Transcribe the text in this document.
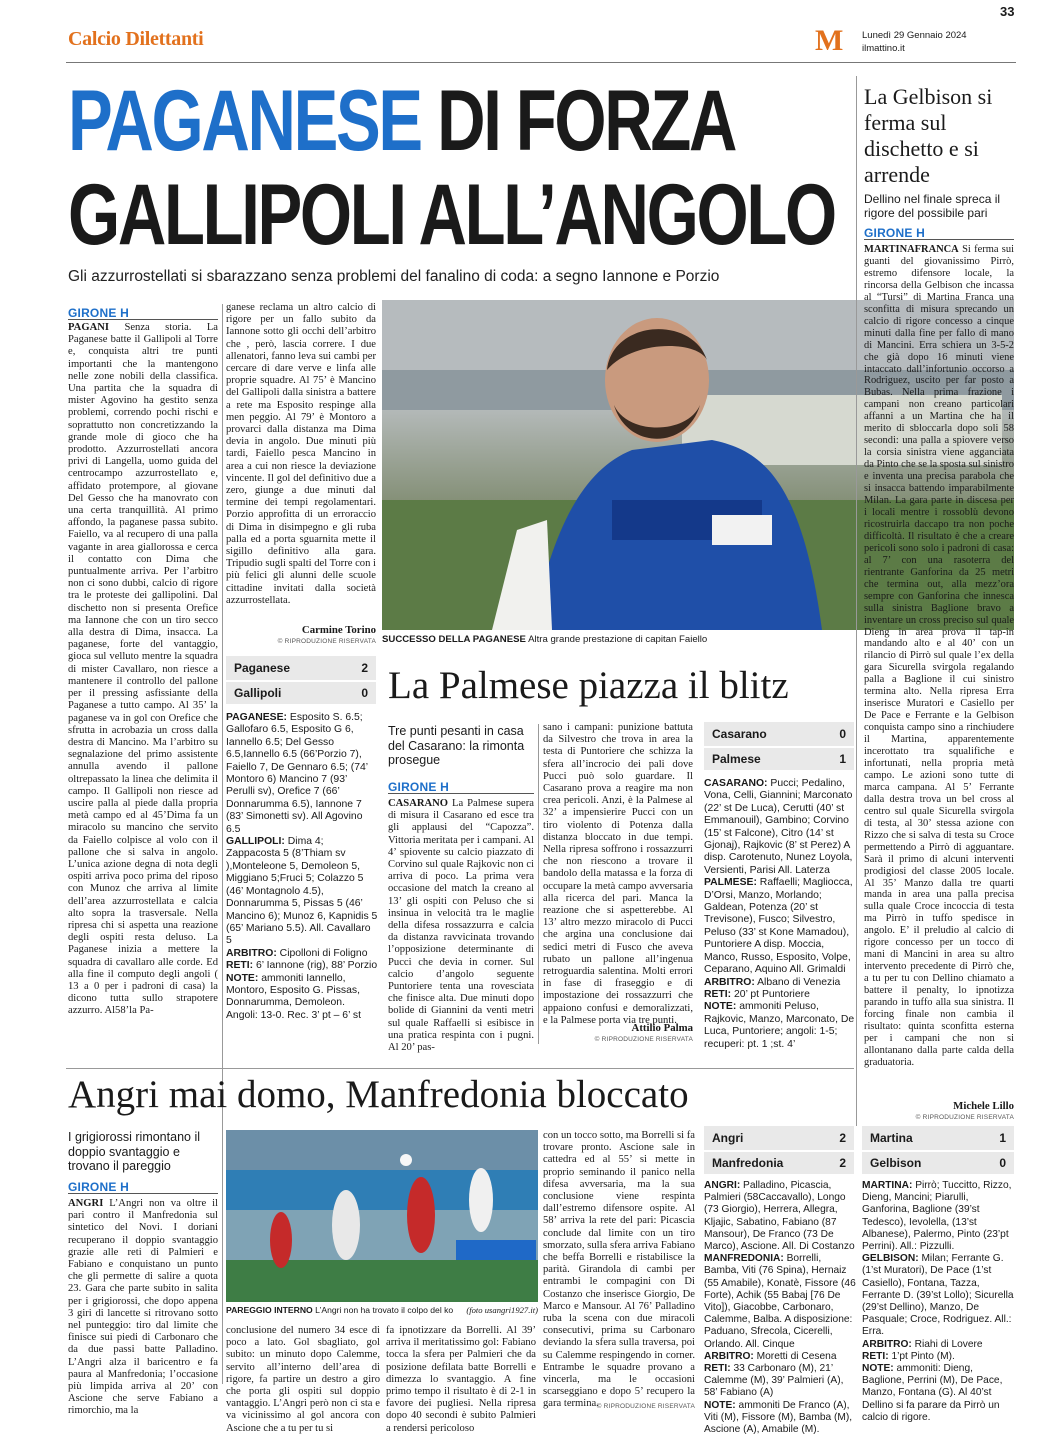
33
Calcio Dilettanti	M Lunedì 29 Gennaio 2024
ilmattino.it
PAGANESE DI FORZA
GALLIPOLI ALL’ANGOLO
Gli azzurrostellati si sbarazzano senza problemi del fanalino di coda: a segno Iannone e Porzio
GIRONE H
PAGANI Senza storia. La Paganese batte il Gallipoli al Torre e, conquista altri tre punti importanti che la mantengono nelle zone nobili della classifica. Una partita che la squadra di mister Agovino ha gestito senza problemi, correndo pochi rischi e soprattutto non concretizzando la grande mole di gioco che ha prodotto. Azzurrostellati ancora privi di Langella, uomo guida del centrocampo azzurrostellato e, affidato protempore, al giovane Del Gesso che ha manovrato con una certa tranquillità. Al primo affondo, la paganese passa subito. Faiello, va al recupero di una palla vagante in area giallorossa e cerca il contatto con Dima che puntualmente arriva. Per l’arbitro non ci sono dubbi, calcio di rigore tra le proteste dei gallipolini. Dal dischetto non si presenta Orefice ma Iannone che con un tiro secco alla destra di Dima, insacca. La paganese, forte del vantaggio, gioca sul velluto mentre la squadra di mister Cavallaro, non riesce a mantenere il controllo del pallone per il pressing asfissiante della Paganese a tutto campo. Al 35’ la paganese va in gol con Orefice che sfrutta in acrobazia un cross dalla destra di Mancino. Ma l’arbitro su segnalazione del primo assistente annulla avendo il pallone oltrepassato la linea che delimita il campo. Il Gallipoli non riesce ad uscire palla al piede dalla propria metà campo ed al 45’Dima fa un miracolo su mancino che servito da Faiello colpisce al volo con il pallone che si salva in angolo. L’unica azione degna di nota degli ospiti arriva poco prima del riposo con Munoz che arriva al limite dell’area azzurrostellata e calcia alto sopra la trasversale. Nella ripresa chi si aspetta una reazione degli ospiti resta deluso. La Paganese inizia a mettere la squadra di cavallaro alle corde. Ed alla fine il computo degli angoli ( 13 a 0 per i padroni di casa) la dicono tutta sullo strapotere azzurro. Al58’la Pa-
ganese reclama un altro calcio di rigore per un fallo subito da Iannone sotto gli occhi dell’arbitro che , però, lascia correre. I due allenatori, fanno leva sui cambi per cercare di dare verve e linfa alle proprie squadre. Al 75’ è Mancino del Gallipoli dalla sinistra a battere a rete ma Esposito respinge alla men peggio. Al 79’ è Montoro a provarci dalla distanza ma Dima devia in angolo. Due minuti più tardi, Faiello pesca Mancino in area a cui non riesce la deviazione vincente. Il gol del definitivo due a zero, giunge a due minuti dal termine dei tempi regolamentari. Porzio approfitta di un erroraccio di Dima in disimpegno e gli ruba palla ed a porta sguarnita mette il sigillo definitivo alla gara. Tripudio sugli spalti del Torre con i più felici gli alunni delle scuole cittadine invitati dalla società azzurrostellata.
Carmine Torino
© RIPRODUZIONE RISERVATA SUCCESSO DELLA PAGANESE Altra grande prestazione di capitan Faiello
Paganese	2
Gallipoli	0
PAGANESE: Esposito S. 6.5; Gallofaro 6.5, Esposito G 6, Iannello 6.5; Del Gesso 6.5,Iannello 6.5 (66’Porzio 7), Faiello 7, De Gennaro 6.5; (74’ Montoro 6) Mancino 7 (93’ Perulli sv), Orefice 7 (66’ Donnarumma 6.5), Iannone 7 (83’ Simonetti sv). All Agovino 6.5
GALLIPOLI: Dima 4; Zappacosta 5 (8’Thiam sv ),Monteleone 5, Demoleon 5, Miggiano 5;Fruci 5; Colazzo 5 (46’ Montagnolo 4.5), Donnarumma 5, Pissas 5 (46’ Mancino 6); Munoz 6, Kapnidis 5 (65’ Mariano 5.5). All. Cavallaro 5
ARBITRO: Cipolloni di Foligno
RETI: 6’ Iannone (rig), 88’ Porzio
NOTE: ammoniti Iannello, Montoro, Esposito G. Pissas, Donnarumma, Demoleon. Angoli: 13-0. Rec. 3’ pt – 6’ st
La Palmese piazza il blitz
Tre punti pesanti in casa del Casarano: la rimonta prosegue
GIRONE H
CASARANO La Palmese supera di misura il Casarano ed esce tra gli applausi del “Capozza”. Vittoria meritata per i campani. Al 4’ spiovente su calcio piazzato di Corvino sul quale Rajkovic non ci arriva di poco. La prima vera occasione del match la creano al 13’ gli ospiti con Peluso che si insinua in velocità tra le maglie della difesa rossazzurra e calcia da distanza ravvicinata trovando l’opposizione determinante di Pucci che devia in corner. Sul calcio d’angolo seguente Puntoriere tenta una rovesciata che finisce alta. Due minuti dopo bolide di Giannini da venti metri sul quale Raffaelli si esibisce in una pratica respinta con i pugni. Al 20’ pas-
sano i campani: punizione battuta da Silvestro che trova in area la testa di Puntoriere che schizza la sfera all’incrocio dei pali dove Pucci può solo guardare. Il Casarano prova a reagire ma non crea pericoli. Anzi, è la Palmese al 32’ a impensierire Pucci con un tiro violento di Potenza dalla distanza bloccato in due tempi. Nella ripresa soffrono i rossazzurri che non riescono a trovare il bandolo della matassa e la forza di occupare la metà campo avversaria alla ricerca del pari. Manca la reazione che si aspetterebbe. Al 13’ altro mezzo miracolo di Pucci che argina una conclusione dai sedici metri di Fusco che aveva rubato un pallone all’ingenua retroguardia salentina. Molti errori in fase di fraseggio e di impostazione dei rossazzurri che appaiono confusi e demoralizzati, e la Palmese porta via tre punti.
Attilio Palma
© RIPRODUZIONE RISERVATA
Casarano	0
Palmese	1
CASARANO: Pucci; Pedalino, Vona, Celli, Giannini; Marconato (22’ st De Luca), Cerutti (40’ st Emmanouil), Gambino; Corvino (15’ st Falcone), Citro (14’ st Gjonaj), Rajkovic (8’ st Perez) A disp. Carotenuto, Nunez Loyola, Versienti, Parisi All. Laterza
PALMESE: Raffaelli; Magliocca, D’Orsi, Manzo, Morlando; Galdean, Potenza (20’ st Trevisone), Fusco; Silvestro, Peluso (33’ st Kone Mamadou), Puntoriere A disp. Moccia, Manco, Russo, Esposito, Volpe, Ceparano, Aquino All. Grimaldi
ARBITRO: Albano di Venezia
RETI: 20’ pt Puntoriere
NOTE: ammoniti Peluso, Rajkovic, Manzo, Marconato, De Luca, Puntoriere; angoli: 1-5; recuperi: pt. 1 ;st. 4’
La Gelbison si ferma sul dischetto e si arrende
Dellino nel finale spreca il rigore del possibile pari
GIRONE H
MARTINAFRANCA Si ferma sui guanti del giovanissimo Pirrò, estremo difensore locale, la rincorsa della Gelbison che incassa al “Tursi” di Martina Franca una sconfitta di misura sprecando un calcio di rigore concesso a cinque minuti dalla fine per fallo di mano di Mancini. Erra schiera un 3-5-2 che già dopo 16 minuti viene intaccato dall’infortunio occorso a Rodriguez, uscito per far posto a Bubas. Nella prima frazione i campani non creano particolari affanni a un Martina che ha il merito di sbloccarla dopo soli 58 secondi: una palla a spiovere verso la corsia sinistra viene agganciata da Pinto che se la sposta sul sinistro e inventa una precisa parabola che si insacca battendo imparabilmente Milan. La gara parte in discesa per i locali mentre i rossoblù devono ricostruirla daccapo tra non poche difficoltà. Il risultato è che a creare pericoli sono solo i padroni di casa: al 7’ con una rasoterra del rientrante Ganforina da 25 metri che termina out, alla mezz’ora sempre con Ganforina che innesca sulla sinistra Baglione bravo a inventare un cross preciso sul quale Dieng in area prova il tap-in mandando alto e al 40’ con un rilancio di Pirrò sul quale l’ex della gara Sicurella svirgola regalando palla a Baglione il cui sinistro termina alto. Nella ripresa Erra inserisce Muratori e Casiello per De Pace e Ferrante e la Gelbison conquista campo sino a rinchiudere il Martina, apparentemente incerottato tra squalifiche e infortunati, nella propria metà campo. Le azioni sono tutte di marca campana. Al 5’ Ferrante dalla destra trova un bel cross al centro sul quale Sicurella svirgola di testa, al 30’ stessa azione con Rizzo che si salva di testa su Croce permettendo a Pirrò di agguantare. Sarà il primo di alcuni interventi prodigiosi del classe 2005 locale. Al 35’ Manzo dalla tre quarti manda in area una palla precisa sulla quale Croce incoccia di testa ma Pirrò in tuffo spedisce in angolo. E’ il preludio al calcio di rigore concesso per un tocco di mani di Mancini in area su altro intervento precedente di Pirrò che, a tu per tu con Dellino chiamato a battere il penalty, lo ipnotizza parando in tuffo alla sua sinistra. Il forcing finale non cambia il risultato: quinta sconfitta esterna per i campani che non si allontanano dalla parte calda della graduatoria.
Michele Lillo
© RIPRODUZIONE RISERVATA
Angri mai domo, Manfredonia bloccato
I grigiorossi rimontano il doppio svantaggio e trovano il pareggio
GIRONE H
ANGRI L’Angri non va oltre il pari contro il Manfredonia sul sintetico del Novi. I doriani recuperano il doppio svantaggio grazie alle reti di Palmieri e Fabiano e conquistano un punto che gli permette di salire a quota 23. Gara che parte subito in salita per i grigiorossi, che dopo appena 3 giri di lancette si ritrovano sotto nel punteggio: tiro dal limite che finisce sui piedi di Carbonaro che da due passi batte Palladino. L’Angri alza il baricentro e fa paura al Manfredonia; l’occasione più limpida arriva al 20’ con Ascione che serve Fabiano a rimorchio, ma la
PAREGGIO INTERNO L’Angri non ha trovato il colpo del ko (foto usangri1927.it)
conclusione del numero 34 esce di poco a lato. Gol sbagliato, gol subito: un minuto dopo Calemme, servito all’interno dell’area di rigore, fa partire un destro a giro che porta gli ospiti sul doppio vantaggio. L’Angri però non ci sta e va vicinissimo al gol ancora con Ascione che a tu per tu si
fa ipnotizzare da Borrelli. Al 39’ arriva il meritatissimo gol: Fabiano tocca la sfera per Palmieri che da posizione defilata batte Borrelli e dimezza lo svantaggio. A fine primo tempo il risultato è di 2-1 in favore dei pugliesi. Nella ripresa dopo 40 secondi è subito Palmieri a rendersi pericoloso
con un tocco sotto, ma Borrelli si fa trovare pronto. Ascione sale in cattedra ed al 55’ si mette in proprio seminando il panico nella difesa avversaria, ma la sua conclusione viene respinta dall’estremo difensore ospite. Al 58’ arriva la rete del pari: Picascia conclude dal limite con un tiro smorzato, sulla sfera arriva Fabiano che beffa Borrelli e ristabilisce la parità. Girandola di cambi per entrambi le compagini con Di Costanzo che inserisce Giorgio, De Marco e Mansour. Al 76’ Palladino ruba la scena con due miracoli consecutivi, prima su Carbonaro deviando la sfera sulla traversa, poi su Calemme respingendo in corner. Entrambe le squadre provano a vincerla, ma le occasioni scarseggiano e dopo 5’ recupero la gara termina.
© RIPRODUZIONE RISERVATA
Angri	2
Manfredonia	2
ANGRI: Palladino, Picascia, Palmieri (58Caccavallo), Longo (73 Giorgio), Herrera, Allegra, Kljajic, Sabatino, Fabiano (87 Mansour), De Franco (73 De Marco), Ascione. All. Di Costanzo
MANFREDONIA: Borrelli, Bamba, Viti (76 Spina), Hernaiz (55 Amabile), Konatè, Fissore (46 Forte), Achik (55 Babaj [76 De Vito]), Giacobbe, Carbonaro, Calemme, Balba. A disposizione: Paduano, Sfrecola, Cicerelli, Orlando. All. Cinque
ARBITRO: Moretti di Cesena
RETI: 33 Carbonaro (M), 21’ Calemme (M), 39’ Palmieri (A), 58’ Fabiano (A)
NOTE: ammoniti De Franco (A), Viti (M), Fissore (M), Bamba (M), Ascione (A), Amabile (M).
Martina	1
Gelbison	0
MARTINA: Pirrò; Tuccitto, Rizzo, Dieng, Mancini; Piarulli, Ganforina, Baglione (39’st Tedesco), Ievolella, (13’st Albanese), Palermo, Pinto (23’pt Perrini). All.: Pizzulli.
GELBISON: Milan; Ferrante G. (1’st Muratori), De Pace (1’st Casiello), Fontana, Tazza, Ferrante D. (39’st Lollo); Sicurella (29’st Dellino), Manzo, De Pasquale; Croce, Rodriguez. All.: Erra.
ARBITRO: Riahi di Lovere
RETI: 1’pt Pinto (M).
NOTE: ammoniti: Dieng, Baglione, Perrini (M), De Pace, Manzo, Fontana (G). Al 40’st Dellino si fa parare da Pirrò un calcio di rigore.
